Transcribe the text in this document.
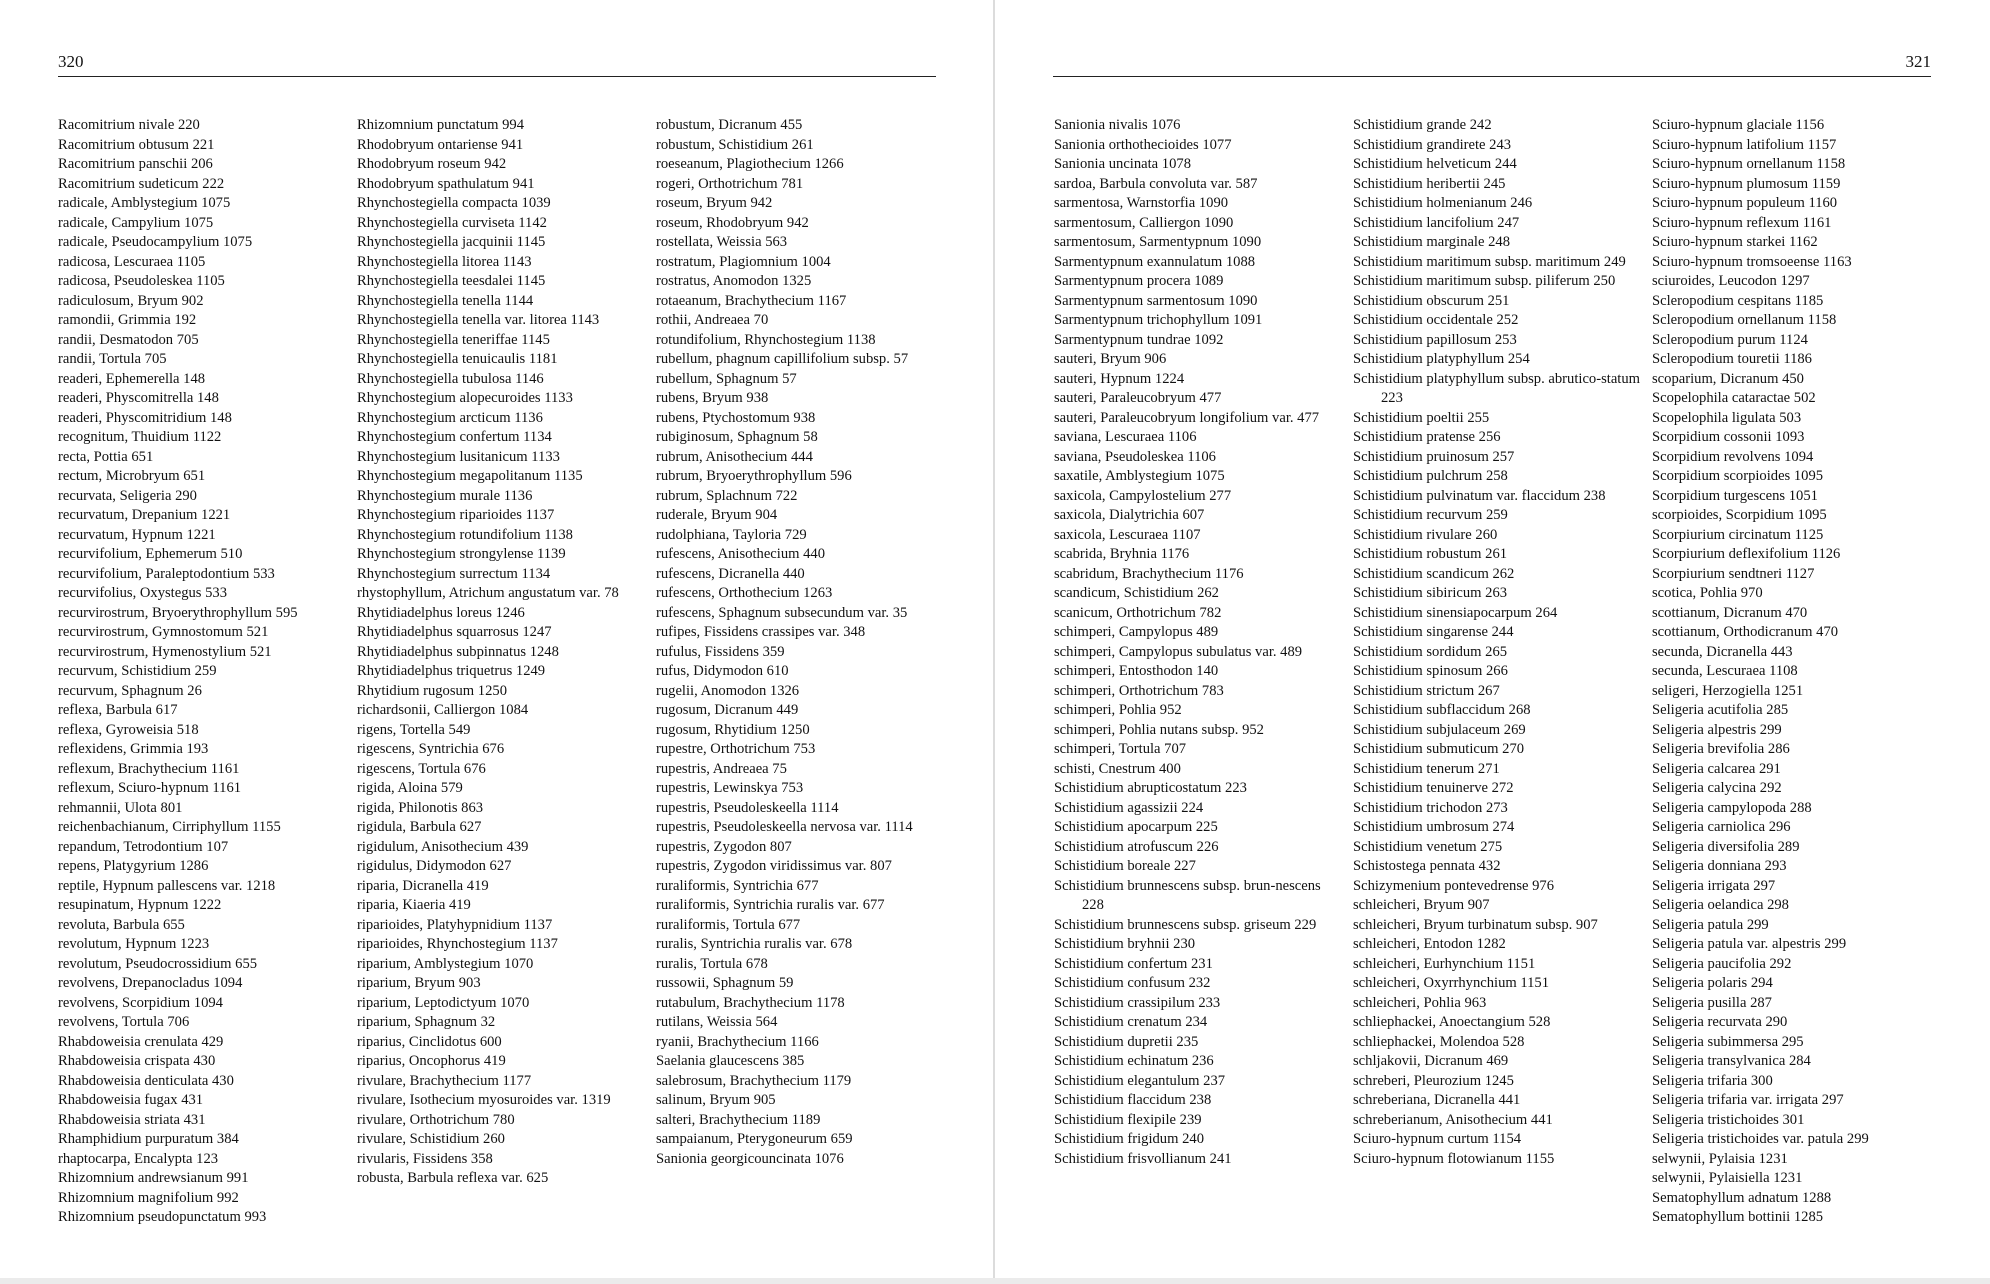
320
Racomitrium nivale 220
Racomitrium obtusum 221
Racomitrium panschii 206
Racomitrium sudeticum 222
radicale, Amblystegium 1075
radicale, Campylium 1075
radicale, Pseudocampylium 1075
radicosa, Lescuraea 1105
radicosa, Pseudoleskea 1105
radiculosum, Bryum 902
ramondii, Grimmia 192
randii, Desmatodon 705
randii, Tortula 705
readeri, Ephemerella 148
readeri, Physcomitrella 148
readeri, Physcomitridium 148
recognitum, Thuidium 1122
recta, Pottia 651
rectum, Microbryum 651
recurvata, Seligeria 290
recurvatum, Drepanium 1221
recurvatum, Hypnum 1221
recurvifolium, Ephemerum 510
recurvifolium, Paraleptodontium 533
recurvifolius, Oxystegus 533
recurvirostrum, Bryoerythrophyllum 595
recurvirostrum, Gymnostomum 521
recurvirostrum, Hymenostylium 521
recurvum, Schistidium 259
recurvum, Sphagnum 26
reflexa, Barbula 617
reflexa, Gyroweisia 518
reflexidens, Grimmia 193
reflexum, Brachythecium 1161
reflexum, Sciuro-hypnum 1161
rehmannii, Ulota 801
reichenbachianum, Cirriphyllum 1155
repandum, Tetrodontium 107
repens, Platygyrium 1286
reptile, Hypnum pallescens var. 1218
resupinatum, Hypnum 1222
revoluta, Barbula 655
revolutum, Hypnum 1223
revolutum, Pseudocrossidium 655
revolvens, Drepanocladus 1094
revolvens, Scorpidium 1094
revolvens, Tortula 706
Rhabdoweisia crenulata 429
Rhabdoweisia crispata 430
Rhabdoweisia denticulata 430
Rhabdoweisia fugax 431
Rhabdoweisia striata 431
Rhamphidium purpuratum 384
rhaptocarpa, Encalypta 123
Rhizomnium andrewsianum 991
Rhizomnium magnifolium 992
Rhizomnium pseudopunctatum 993
Rhizomnium punctatum 994
Rhodobryum ontariense 941
Rhodobryum roseum 942
Rhodobryum spathulatum 941
Rhynchostegiella compacta 1039
Rhynchostegiella curviseta 1142
Rhynchostegiella jacquinii 1145
Rhynchostegiella litorea 1143
Rhynchostegiella teesdalei 1145
Rhynchostegiella tenella 1144
Rhynchostegiella tenella var. litorea 1143
Rhynchostegiella teneriffae 1145
Rhynchostegiella tenuicaulis 1181
Rhynchostegiella tubulosa 1146
Rhynchostegium alopecuroides 1133
Rhynchostegium arcticum 1136
Rhynchostegium confertum 1134
Rhynchostegium lusitanicum 1133
Rhynchostegium megapolitanum 1135
Rhynchostegium murale 1136
Rhynchostegium riparioides 1137
Rhynchostegium rotundifolium 1138
Rhynchostegium strongylense 1139
Rhynchostegium surrectum 1134
rhystophyllum, Atrichum angustatum var. 78
Rhytidiadelphus loreus 1246
Rhytidiadelphus squarrosus 1247
Rhytidiadelphus subpinnatus 1248
Rhytidiadelphus triquetrus 1249
Rhytidium rugosum 1250
richardsonii, Calliergon 1084
rigens, Tortella 549
rigescens, Syntrichia 676
rigescens, Tortula 676
rigida, Aloina 579
rigida, Philonotis 863
rigidula, Barbula 627
rigidulum, Anisothecium 439
rigidulus, Didymodon 627
riparia, Dicranella 419
riparia, Kiaeria 419
riparioides, Platyhypnidium 1137
riparioides, Rhynchostegium 1137
riparium, Amblystegium 1070
riparium, Bryum 903
riparium, Leptodictyum 1070
riparium, Sphagnum 32
riparius, Cinclidotus 600
riparius, Oncophorus 419
rivulare, Brachythecium 1177
rivulare, Isothecium myosuroides var. 1319
rivulare, Orthotrichum 780
rivulare, Schistidium 260
rivularis, Fissidens 358
robusta, Barbula reflexa var. 625
robustum, Dicranum 455
robustum, Schistidium 261
roeseanum, Plagiothecium 1266
rogeri, Orthotrichum 781
roseum, Bryum 942
roseum, Rhodobryum 942
rostellata, Weissia 563
rostratum, Plagiomnium 1004
rostratus, Anomodon 1325
rotaeanum, Brachythecium 1167
rothii, Andreaea 70
rotundifolium, Rhynchostegium 1138
rubellum, phagnum capillifolium subsp. 57
rubellum, Sphagnum 57
rubens, Bryum 938
rubens, Ptychostomum 938
rubiginosum, Sphagnum 58
rubrum, Anisothecium 444
rubrum, Bryoerythrophyllum 596
rubrum, Splachnum 722
ruderale, Bryum 904
rudolphiana, Tayloria 729
rufescens, Anisothecium 440
rufescens, Dicranella 440
rufescens, Orthothecium 1263
rufescens, Sphagnum subsecundum var. 35
rufipes, Fissidens crassipes var. 348
rufulus, Fissidens 359
rufus, Didymodon 610
rugelii, Anomodon 1326
rugosum, Dicranum 449
rugosum, Rhytidium 1250
rupestre, Orthotrichum 753
rupestris, Andreaea 75
rupestris, Lewinskya 753
rupestris, Pseudoleskeella 1114
rupestris, Pseudoleskeella nervosa var. 1114
rupestris, Zygodon 807
rupestris, Zygodon viridissimus var. 807
ruraliformis, Syntrichia 677
ruraliformis, Syntrichia ruralis var. 677
ruraliformis, Tortula 677
ruralis, Syntrichia ruralis var. 678
ruralis, Tortula 678
russowii, Sphagnum 59
rutabulum, Brachythecium 1178
rutilans, Weissia 564
ryanii, Brachythecium 1166
Saelania glaucescens 385
salebrosum, Brachythecium 1179
salinum, Bryum 905
salteri, Brachythecium 1189
sampaianum, Pterygoneurum 659
Sanionia georgicouncinata 1076
321
Sanionia nivalis 1076
Sanionia orthothecioides 1077
Sanionia uncinata 1078
sardoa, Barbula convoluta var. 587
sarmentosa, Warnstorfia 1090
sarmentosum, Calliergon 1090
sarmentosum, Sarmentypnum 1090
Sarmentypnum exannulatum 1088
Sarmentypnum procera 1089
Sarmentypnum sarmentosum 1090
Sarmentypnum trichophyllum 1091
Sarmentypnum tundrae 1092
sauteri, Bryum 906
sauteri, Hypnum 1224
sauteri, Paraleucobryum 477
sauteri, Paraleucobryum longifolium var. 477
saviana, Lescuraea 1106
saviana, Pseudoleskea 1106
saxatile, Amblystegium 1075
saxicola, Campylostelium 277
saxicola, Dialytrichia 607
saxicola, Lescuraea 1107
scabrida, Bryhnia 1176
scabridum, Brachythecium 1176
scandicum, Schistidium 262
scanicum, Orthotrichum 782
schimperi, Campylopus 489
schimperi, Campylopus subulatus var. 489
schimperi, Entosthodon 140
schimperi, Orthotrichum 783
schimperi, Pohlia 952
schimperi, Pohlia nutans subsp. 952
schimperi, Tortula 707
schisti, Cnestrum 400
Schistidium abrupticostatum 223
Schistidium agassizii 224
Schistidium apocarpum 225
Schistidium atrofuscum 226
Schistidium boreale 227
Schistidium brunnescens subsp. brun-nescens 228
Schistidium brunnescens subsp. griseum 229
Schistidium bryhnii 230
Schistidium confertum 231
Schistidium confusum 232
Schistidium crassipilum 233
Schistidium crenatum 234
Schistidium dupretii 235
Schistidium echinatum 236
Schistidium elegantulum 237
Schistidium flaccidum 238
Schistidium flexipile 239
Schistidium frigidum 240
Schistidium frisvollianum 241
Schistidium grande 242
Schistidium grandirete 243
Schistidium helveticum 244
Schistidium heribertii 245
Schistidium holmenianum 246
Schistidium lancifolium 247
Schistidium marginale 248
Schistidium maritimum subsp. maritimum 249
Schistidium maritimum subsp. piliferum 250
Schistidium obscurum 251
Schistidium occidentale 252
Schistidium papillosum 253
Schistidium platyphyllum 254
Schistidium platyphyllum subsp. abrutico-statum 223
Schistidium poeltii 255
Schistidium pratense 256
Schistidium pruinosum 257
Schistidium pulchrum 258
Schistidium pulvinatum var. flaccidum 238
Schistidium recurvum 259
Schistidium rivulare 260
Schistidium robustum 261
Schistidium scandicum 262
Schistidium sibiricum 263
Schistidium sinensiapocarpum 264
Schistidium singarense 244
Schistidium sordidum 265
Schistidium spinosum 266
Schistidium strictum 267
Schistidium subflaccidum 268
Schistidium subjulaceum 269
Schistidium submuticum 270
Schistidium tenerum 271
Schistidium tenuinerve 272
Schistidium trichodon 273
Schistidium umbrosum 274
Schistidium venetum 275
Schistostega pennata 432
Schizymenium pontevedrense 976
schleicheri, Bryum 907
schleicheri, Bryum turbinatum subsp. 907
schleicheri, Entodon 1282
schleicheri, Eurhynchium 1151
schleicheri, Oxyrrhynchium 1151
schleicheri, Pohlia 963
schliephackei, Anoectangium 528
schliephackei, Molendoa 528
schljakovii, Dicranum 469
schreberi, Pleurozium 1245
schreberiana, Dicranella 441
schreberianum, Anisothecium 441
Sciuro-hypnum curtum 1154
Sciuro-hypnum flotowianum 1155
Sciuro-hypnum glaciale 1156
Sciuro-hypnum latifolium 1157
Sciuro-hypnum ornellanum 1158
Sciuro-hypnum plumosum 1159
Sciuro-hypnum populeum 1160
Sciuro-hypnum reflexum 1161
Sciuro-hypnum starkei 1162
Sciuro-hypnum tromsoeense 1163
sciuroides, Leucodon 1297
Scleropodium cespitans 1185
Scleropodium ornellanum 1158
Scleropodium purum 1124
Scleropodium touretii 1186
scoparium, Dicranum 450
Scopelophila cataractae 502
Scopelophila ligulata 503
Scorpidium cossonii 1093
Scorpidium revolvens 1094
Scorpidium scorpioides 1095
Scorpidium turgescens 1051
scorpioides, Scorpidium 1095
Scorpiurium circinatum 1125
Scorpiurium deflexifolium 1126
Scorpiurium sendtneri 1127
scotica, Pohlia 970
scottianum, Dicranum 470
scottianum, Orthodicranum 470
secunda, Dicranella 443
secunda, Lescuraea 1108
seligeri, Herzogiella 1251
Seligeria acutifolia 285
Seligeria alpestris 299
Seligeria brevifolia 286
Seligeria calcarea 291
Seligeria calycina 292
Seligeria campylopoda 288
Seligeria carniolica 296
Seligeria diversifolia 289
Seligeria donniana 293
Seligeria irrigata 297
Seligeria oelandica 298
Seligeria patula 299
Seligeria patula var. alpestris 299
Seligeria paucifolia 292
Seligeria polaris 294
Seligeria pusilla 287
Seligeria recurvata 290
Seligeria subimmersa 295
Seligeria transylvanica 284
Seligeria trifaria 300
Seligeria trifaria var. irrigata 297
Seligeria tristichoides 301
Seligeria tristichoides var. patula 299
selwynii, Pylaisia 1231
selwynii, Pylaisiella 1231
Sematophyllum adnatum 1288
Sematophyllum bottinii 1285
